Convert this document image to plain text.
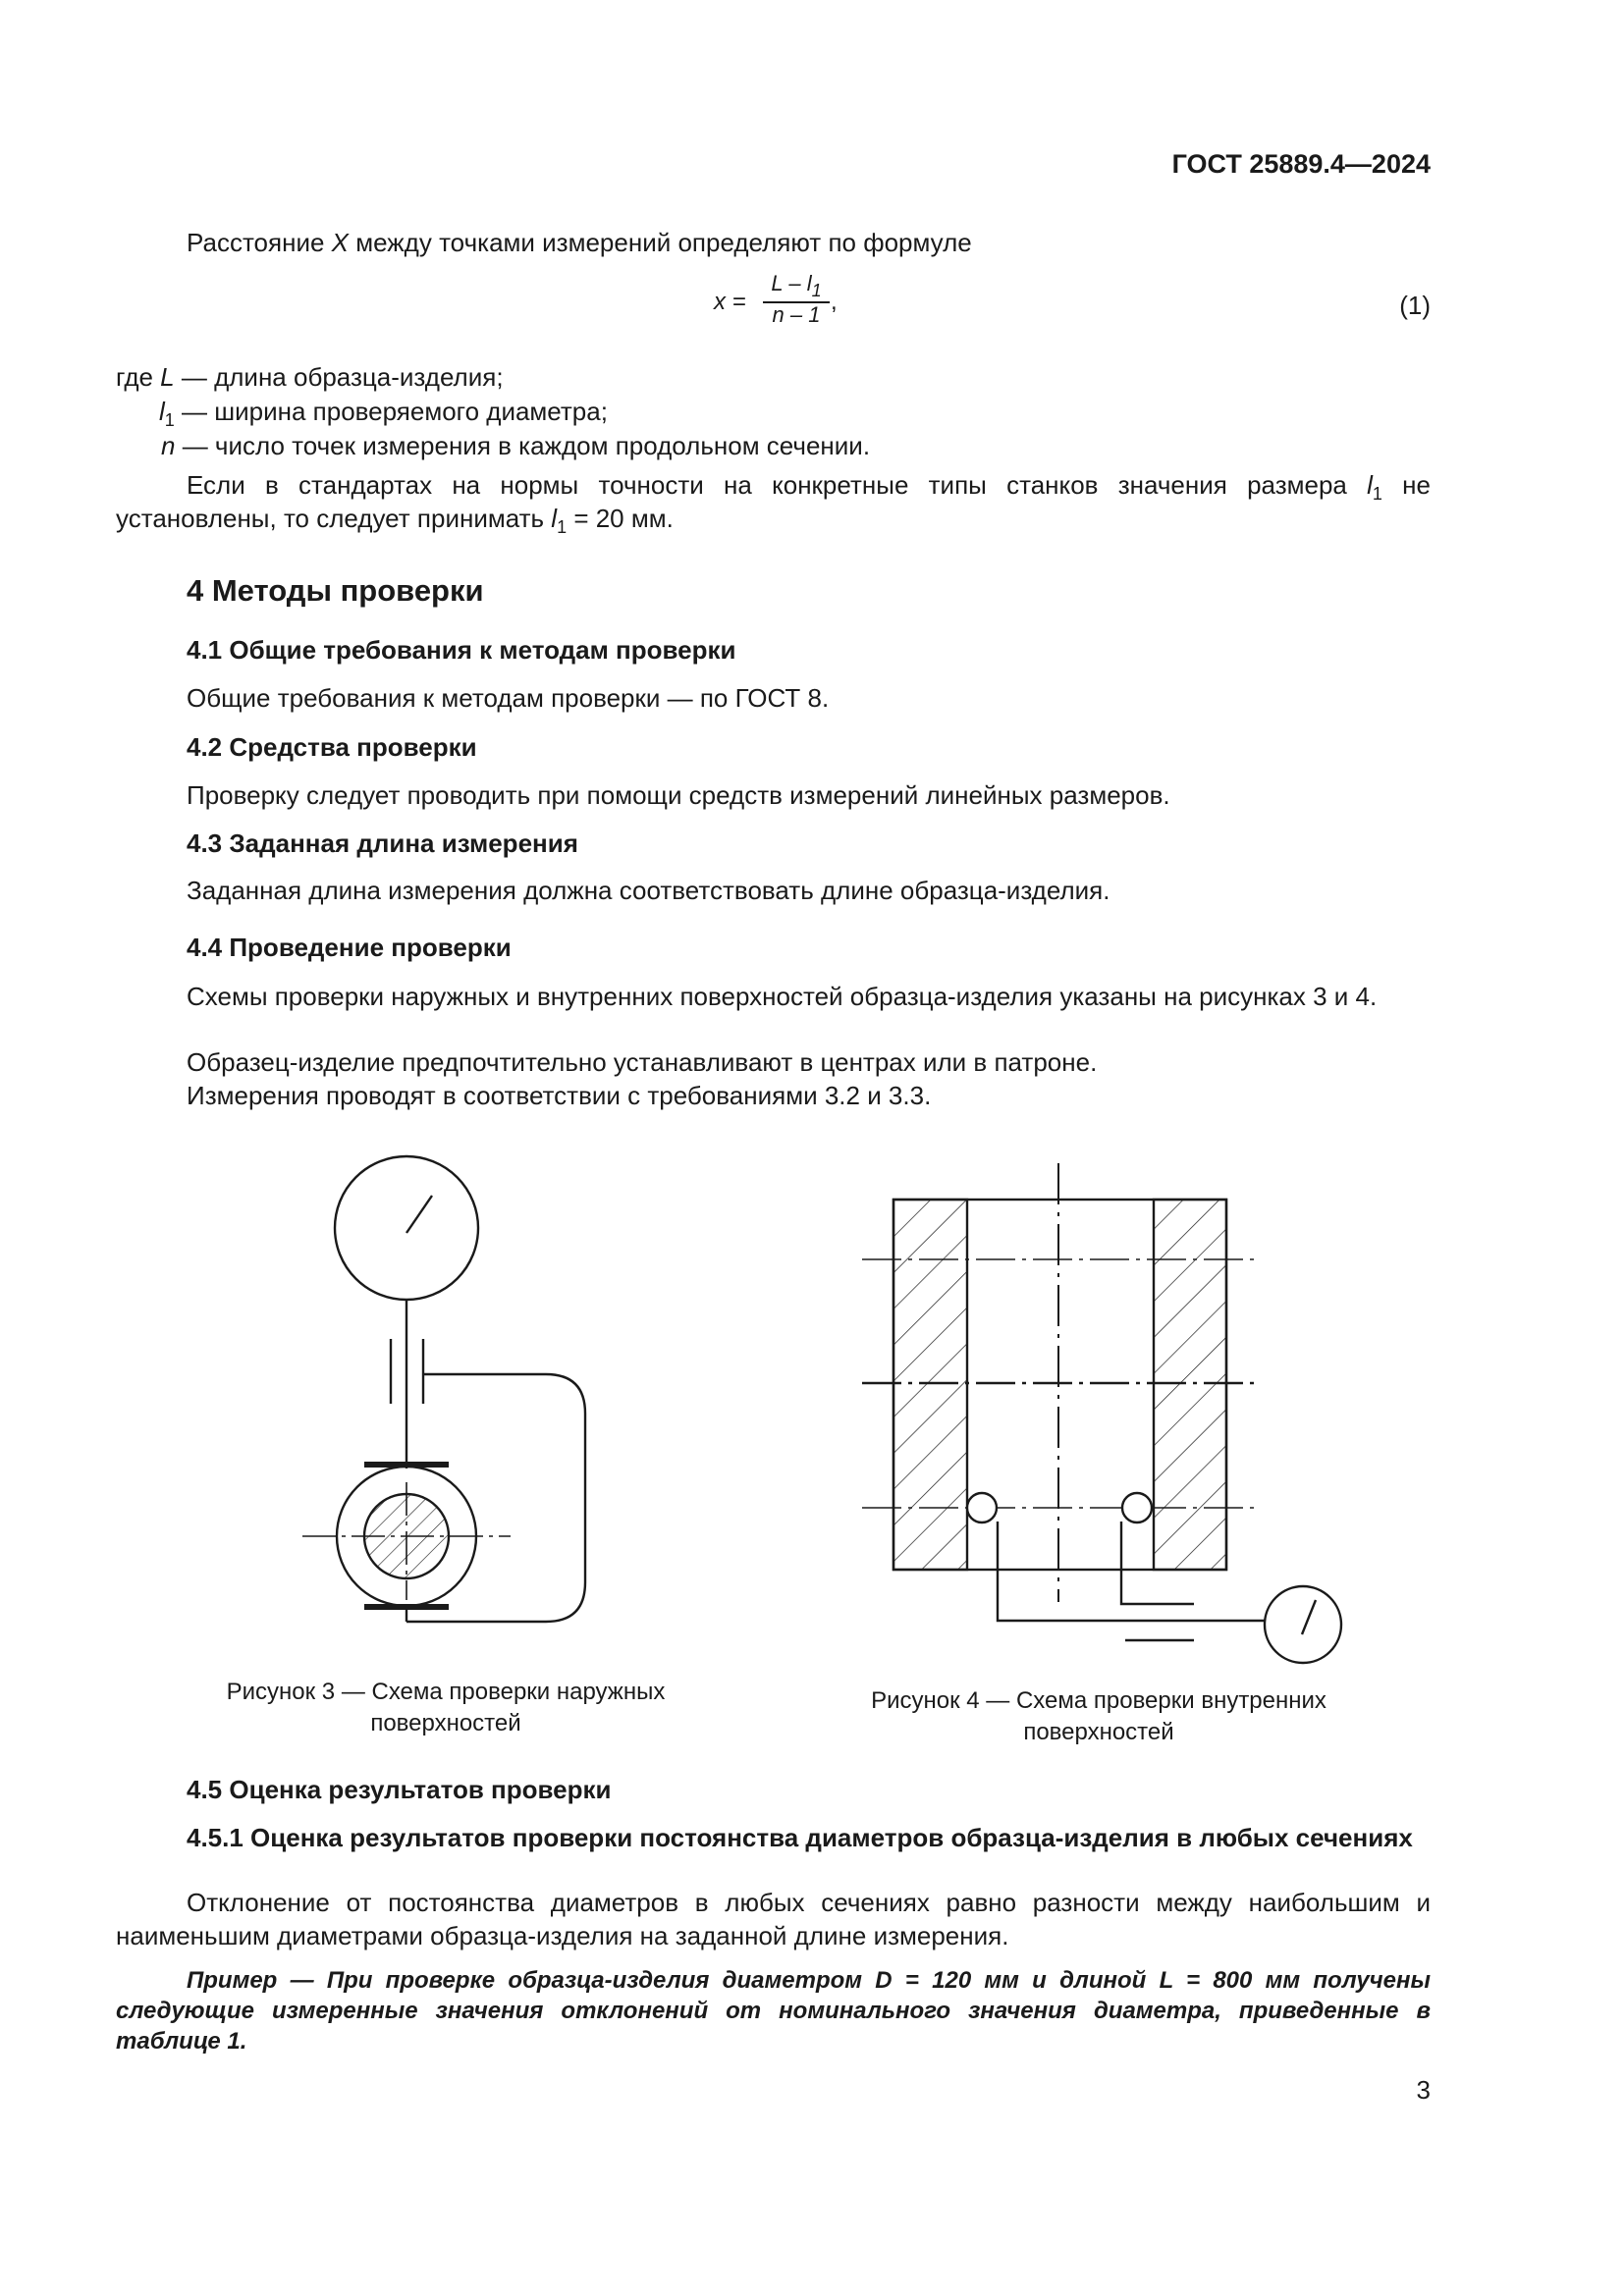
ГОСТ 25889.4—2024
Расстояние X между точками измерений определяют по формуле
x =
L – $l_1$
n – 1 ,	(1)
где L — длина образца-изделия;
$l_1$ — ширина проверяемого диаметра;
n — число точек измерения в каждом продольном сечении.
Если в стандартах на нормы точности на конкретные типы станков значения размера $l_1$ не установлены, то следует принимать $l_1 = 20$ мм.
4 Методы проверки
4.1 Общие требования к методам проверки
Общие требования к методам проверки — по ГОСТ 8.
4.2 Средства проверки
Проверку следует проводить при помощи средств измерений линейных размеров.
4.3 Заданная длина измерения
Заданная длина измерения должна соответствовать длине образца-изделия.
4.4 Проведение проверки
Схемы проверки наружных и внутренних поверхностей образца-изделия указаны на рисунках 3 и 4.
Образец-изделие предпочтительно устанавливают в центрах или в патроне.
Измерения проводят в соответствии с требованиями 3.2 и 3.3.
Рисунок 3 — Схема проверки наружных поверхностей
Рисунок 4 — Схема проверки внутренних поверхностей
4.5 Оценка результатов проверки
4.5.1 Оценка результатов проверки постоянства диаметров образца-изделия в любых сечениях
Отклонение от постоянства диаметров в любых сечениях равно разности между наибольшим и наименьшим диаметрами образца-изделия на заданной длине измерения.
Пример — При проверке образца-изделия диаметром D = 120 мм и длиной L = 800 мм получены следующие измеренные значения отклонений от номинального значения диаметра, приведенные в таблице 1.
3
